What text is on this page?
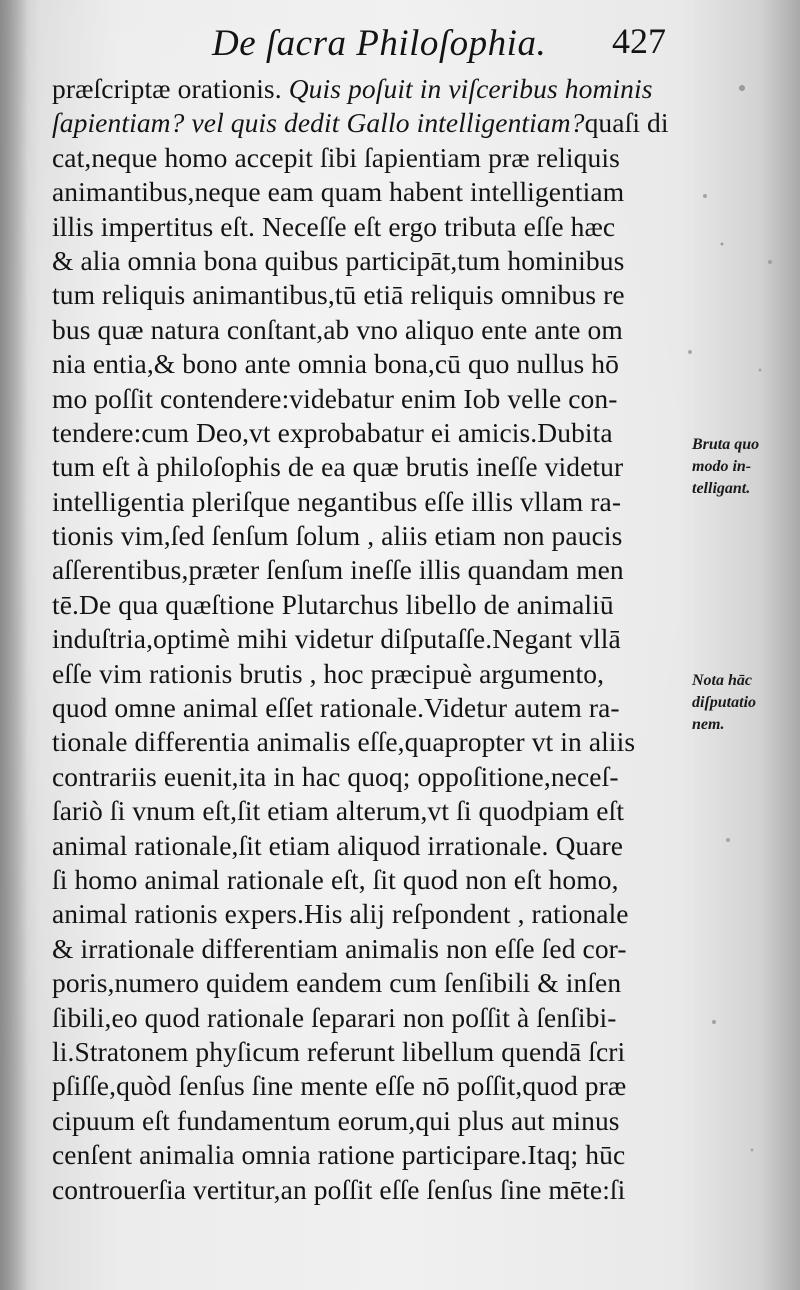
De ſacra Philoſophia. 427
præſcriptæ orationis. Quis poſuit in viſceribus hominis
ſapientiam? vel quis dedit Gallo intelligentiam?quaſi di
cat,neque homo accepit ſibi ſapientiam præ reliquis
animantibus,neque eam quam habent intelligentiam
illis impertitus eſt. Neceſſe eſt ergo tributa eſſe hæc
& alia omnia bona quibus participāt,tum hominibus
tum reliquis animantibus,tū etiā reliquis omnibus re
bus quæ natura conſtant,ab vno aliquo ente ante om
nia entia,& bono ante omnia bona,cū quo nullus hō
mo poſſit contendere:videbatur enim Iob velle con-
tendere:cum Deo,vt exprobabatur ei amicis.Dubita
tum eſt à philoſophis de ea quæ brutis ineſſe videtur
intelligentia pleriſque negantibus eſſe illis vllam ra-
tionis vim,ſed ſenſum ſolum , aliis etiam non paucis
aſſerentibus,præter ſenſum ineſſe illis quandam men
tē.De qua quæſtione Plutarchus libello de animaliū
induſtria,optimè mihi videtur diſputaſſe.Negant vllā
eſſe vim rationis brutis , hoc præcipuè argumento,
quod omne animal eſſet rationale.Videtur autem ra-
tionale differentia animalis eſſe,quapropter vt in aliis
contrariis euenit,ita in hac quoq; oppoſitione,neceſ-
ſariò ſi vnum eſt,ſit etiam alterum,vt ſi quodpiam eſt
animal rationale,ſit etiam aliquod irrationale. Quare
ſi homo animal rationale eſt, ſit quod non eſt homo,
animal rationis expers.His alij reſpondent , rationale
& irrationale differentiam animalis non eſſe ſed cor-
poris,numero quidem eandem cum ſenſibili & inſen
ſibili,eo quod rationale ſeparari non poſſit à ſenſibi-
li.Stratonem phyſicum referunt libellum quendā ſcri
pſiſſe,quòd ſenſus ſine mente eſſe nō poſſit,quod præ
cipuum eſt fundamentum eorum,qui plus aut minus
cenſent animalia omnia ratione participare.Itaq; hūc
controuerſia vertitur,an poſſit eſſe ſenſus ſine mēte:ſi
Bruta quo
modo in-
telligant.
Nota hāc
diſputatio
nem.
